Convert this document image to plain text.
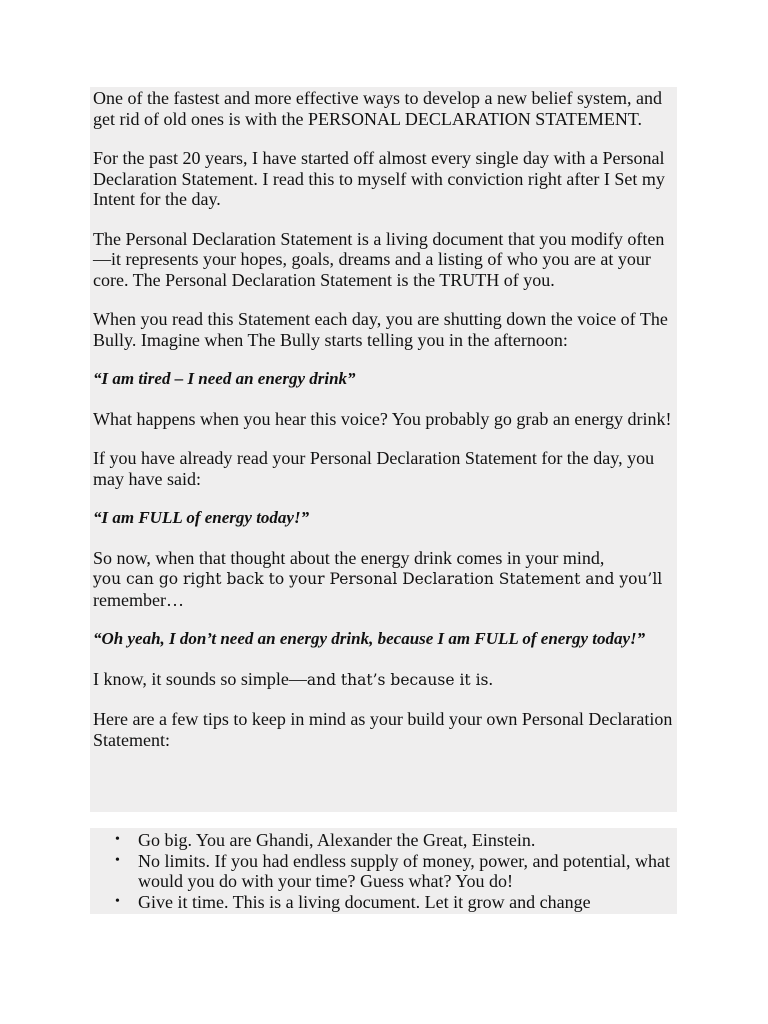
One of the fastest and more effective ways to develop a new belief system, and get rid of old ones is with the PERSONAL DECLARATION STATEMENT.

For the past 20 years, I have started off almost every single day with a Personal Declaration Statement. I read this to myself with conviction right after I Set my Intent for the day.

The Personal Declaration Statement is a living document that you modify often—it represents your hopes, goals, dreams and a listing of who you are at your core. The Personal Declaration Statement is the TRUTH of you.

When you read this Statement each day, you are shutting down the voice of The Bully. Imagine when The Bully starts telling you in the afternoon:

“I am tired – I need an energy drink”

What happens when you hear this voice? You probably go grab an energy drink!

If you have already read your Personal Declaration Statement for the day, you may have said:

“I am FULL of energy today!”

So now, when that thought about the energy drink comes in your mind,
you can go right back to your Personal Declaration Statement and you’ll
remember…

“Oh yeah, I don’t need an energy drink, because I am FULL of energy today!”

I know, it sounds so simple—and that’s because it is.

Here are a few tips to keep in mind as your build your own Personal Declaration Statement:

• Go big. You are Ghandi, Alexander the Great, Einstein.
• No limits. If you had endless supply of money, power, and potential, what would you do with your time? Guess what? You do!
• Give it time. This is a living document. Let it grow and change
